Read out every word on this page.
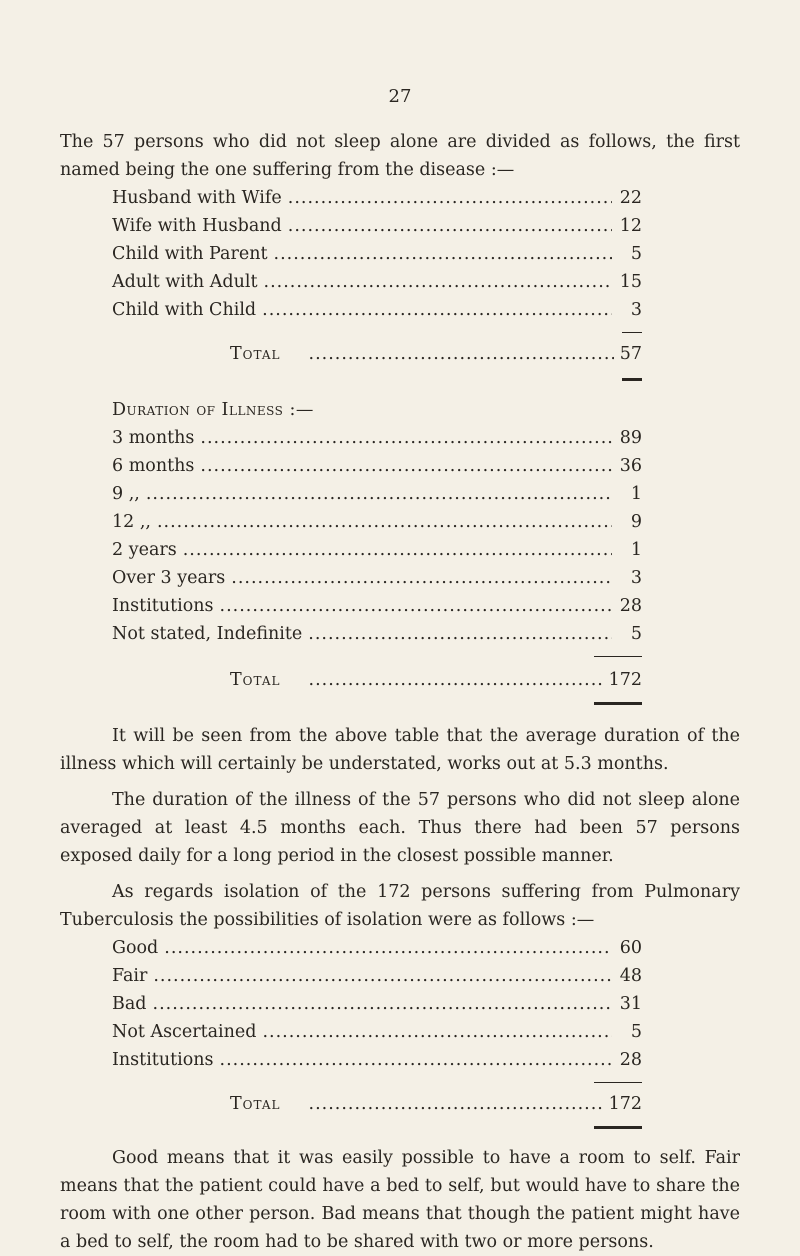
27

The 57 persons who did not sleep alone are divided as follows, the first named being the one suffering from the disease :—

Husband with Wife .....	22
Wife with Husband .....	12
Child with Parent .....	5
Adult with Adult .....	15
Child with Child .....	3
Total .....	57
Duration of Illness :—
3 months .....	89
6 months .....	36
9 ,, .....	1
12 ,, .....	9
2 years .....	1
Over 3 years .....	3
Institutions .....	28
Not stated, Indefinite .....	5
Total .....	172

It will be seen from the above table that the average duration of the illness which will certainly be understated, works out at 5.3 months.

The duration of the illness of the 57 persons who did not sleep alone averaged at least 4.5 months each. Thus there had been 57 persons exposed daily for a long period in the closest possible manner.

As regards isolation of the 172 persons suffering from Pulmonary Tuberculosis the possibilities of isolation were as follows :—

Good .....	60
Fair .....	48
Bad .....	31
Not Ascertained .....	5
Institutions .....	28
Total .....	172

Good means that it was easily possible to have a room to self. Fair means that the patient could have a bed to self, but would have to share the room with one other person. Bad means that though the patient might have a bed to self, the room had to be shared with two or more persons.
